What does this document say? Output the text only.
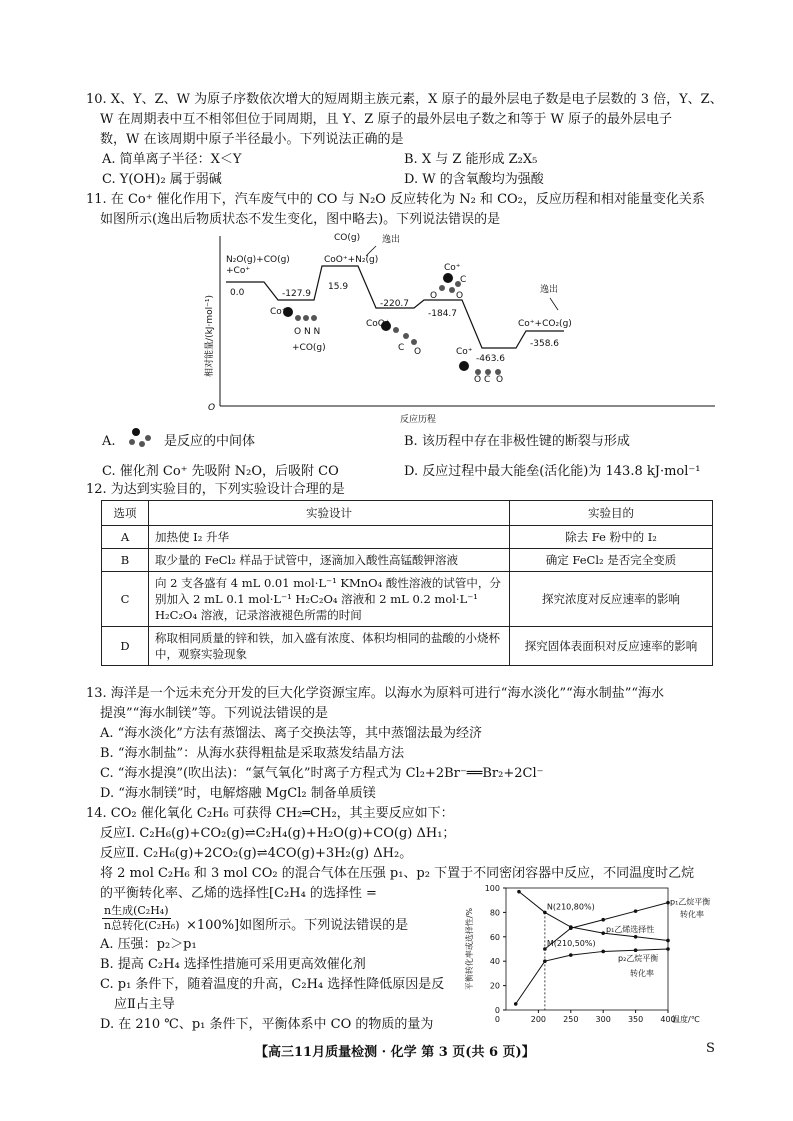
10. X、Y、Z、W 为原子序数依次增大的短周期主族元素，X 原子的最外层电子数是电子层数的 3 倍，Y、Z、
W 在周期表中互不相邻但位于同周期，且 Y、Z 原子的最外层电子数之和等于 W 原子的最外层电子
数，W 在该周期中原子半径最小。下列说法正确的是
A. 简单离子半径：X＜Y	B. X 与 Z 能形成 Z₂X₅
C. Y(OH)₂ 属于弱碱	D. W 的含氧酸均为强酸
11. 在 Co⁺ 催化作用下，汽车废气中的 CO 与 N₂O 反应转化为 N₂ 和 CO₂，反应历程和相对能量变化关系
如图所示(逸出后物质状态不发生变化，图中略去)。下列说法错误的是
O
相对能量/(kJ·mol⁻¹)
反应历程
0.0	-127.9
15.9
-220.7
-184.7
-463.6
-358.6
N₂O(g)+CO(g)
+Co⁺
CO(g)
CoO⁺+N₂(g)
逸出
逸出
Co⁺+CO₂(g)
+CO(g)
Co⁺
O N N
CoO⁺
C O
Co⁺
O
C
O
Co⁺
O C O
A.	是反应的中间体	B. 该历程中存在非极性键的断裂与形成
C. 催化剂 Co⁺ 先吸附 N₂O，后吸附 CO	D. 反应过程中最大能垒(活化能)为 143.8 kJ·mol⁻¹
12. 为达到实验目的，下列实验设计合理的是
选项	实验设计	实验目的
A	加热使 I₂ 升华	除去 Fe 粉中的 I₂
B	取少量的 FeCl₂ 样品于试管中，逐滴加入酸性高锰酸钾溶液	确定 FeCl₂ 是否完全变质
C	向 2 支各盛有 4 mL 0.01 mol·L⁻¹ KMnO₄ 酸性溶液的试管中，分别加入 2 mL 0.1 mol·L⁻¹ H₂C₂O₄ 溶液和 2 mL 0.2 mol·L⁻¹ H₂C₂O₄ 溶液，记录溶液褪色所需的时间	探究浓度对反应速率的影响
D	称取相同质量的锌和铁，加入盛有浓度、体积均相同的盐酸的小烧杯中，观察实验现象	探究固体表面积对反应速率的影响
13. 海洋是一个远未充分开发的巨大化学资源宝库。以海水为原料可进行“海水淡化”“海水制盐”“海水
提溴”“海水制镁”等。下列说法错误的是
A. “海水淡化”方法有蒸馏法、离子交换法等，其中蒸馏法最为经济
B. “海水制盐”：从海水获得粗盐是采取蒸发结晶方法
C. “海水提溴”(吹出法)：“氯气氧化”时离子方程式为 Cl₂+2Br⁻══Br₂+2Cl⁻
D. “海水制镁”时，电解熔融 MgCl₂ 制备单质镁
14. CO₂ 催化氧化 C₂H₆ 可获得 CH₂═CH₂，其主要反应如下：
反应Ⅰ. C₂H₆(g)+CO₂(g)⇌C₂H₄(g)+H₂O(g)+CO(g) ΔH₁；
反应Ⅱ. C₂H₆(g)+2CO₂(g)⇌4CO(g)+3H₂(g) ΔH₂。
将 2 mol C₂H₆ 和 3 mol CO₂ 的混合气体在压强 p₁、p₂ 下置于不同密闭容器中反应，不同温度时乙烷
的平衡转化率、乙烯的选择性[C₂H₄ 的选择性 =
n生成(C₂H₄)
n总转化(C₂H₆) ×100%]如图所示。下列说法错误的是
A. 压强：p₂＞p₁
B. 提高 C₂H₄ 选择性措施可采用更高效催化剂
C. p₁ 条件下，随着温度的升高，C₂H₄ 选择性降低原因是反
应Ⅱ占主导
D. 在 210 ℃、p₁ 条件下，平衡体系中 CO 的物质的量为
0
20
40
60
80
100
200 250 300 350 400
0	温度/℃
平衡转化率或选择性/%
N(210,80%)
M(210,50%)
p₁乙烷平衡
转化率
p₁乙烯选择性
p₂乙烷平衡
转化率
【高三11月质量检测 · 化学 第 3 页(共 6 页)】	S
